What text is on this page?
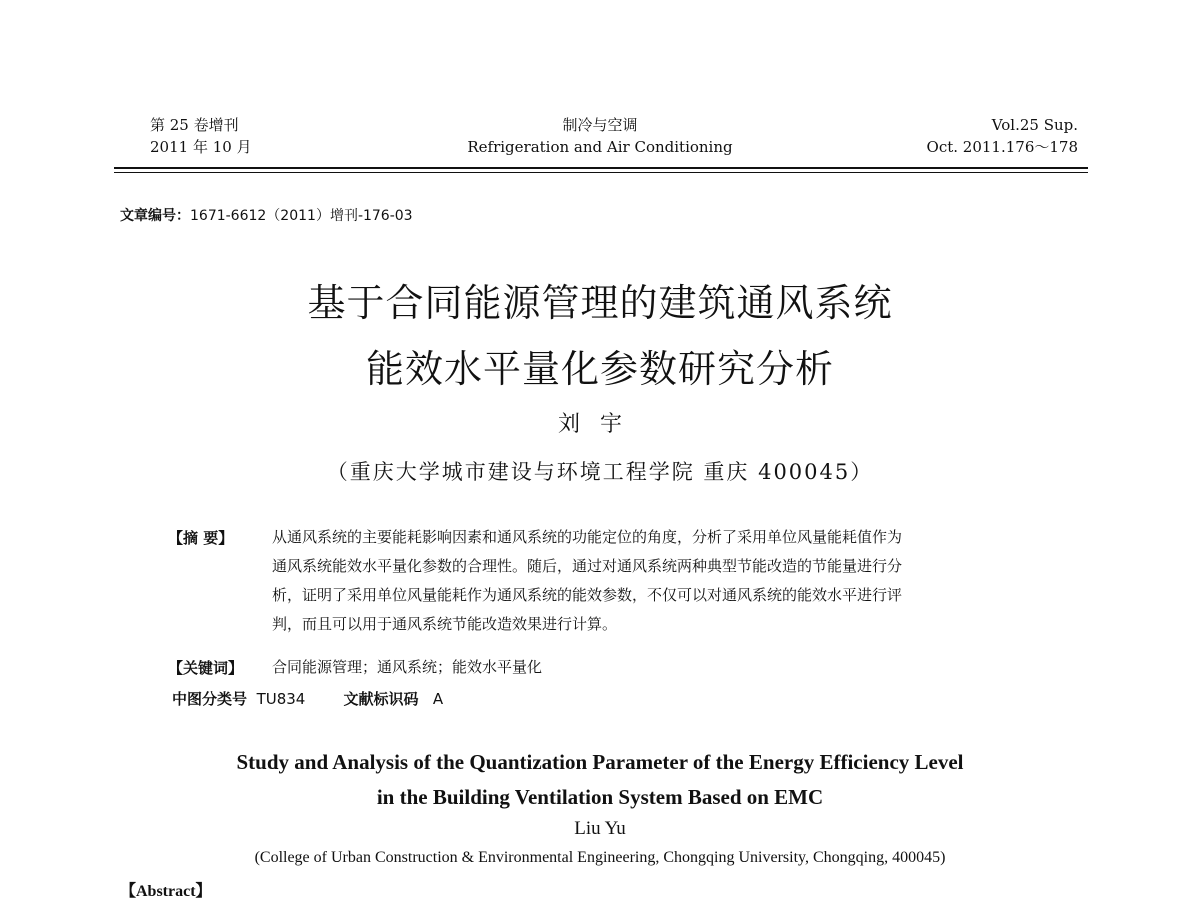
第 25 卷增刊
2011 年 10 月
制冷与空调
Refrigeration and Air Conditioning
Vol.25 Sup.
Oct. 2011.176～178
文章编号：1671-6612（2011）增刊-176-03
基于合同能源管理的建筑通风系统
能效水平量化参数研究分析
刘宇
（重庆大学城市建设与环境工程学院 重庆 400045）
【摘 要】	从通风系统的主要能耗影响因素和通风系统的功能定位的角度，分析了采用单位风量能耗值作为
通风系统能效水平量化参数的合理性。随后，通过对通风系统两种典型节能改造的节能量进行分
析，证明了采用单位风量能耗作为通风系统的能效参数，不仅可以对通风系统的能效水平进行评
判，而且可以用于通风系统节能改造效果进行计算。
【关键词】 合同能源管理；通风系统；能效水平量化
中图分类号 TU834	文献标识码 A
Study and Analysis of the Quantization Parameter of the Energy Efficiency Level
in the Building Ventilation System Based on EMC
Liu Yu
(College of Urban Construction & Environmental Engineering, Chongqing University, Chongqing, 400045)
【Abstract】
